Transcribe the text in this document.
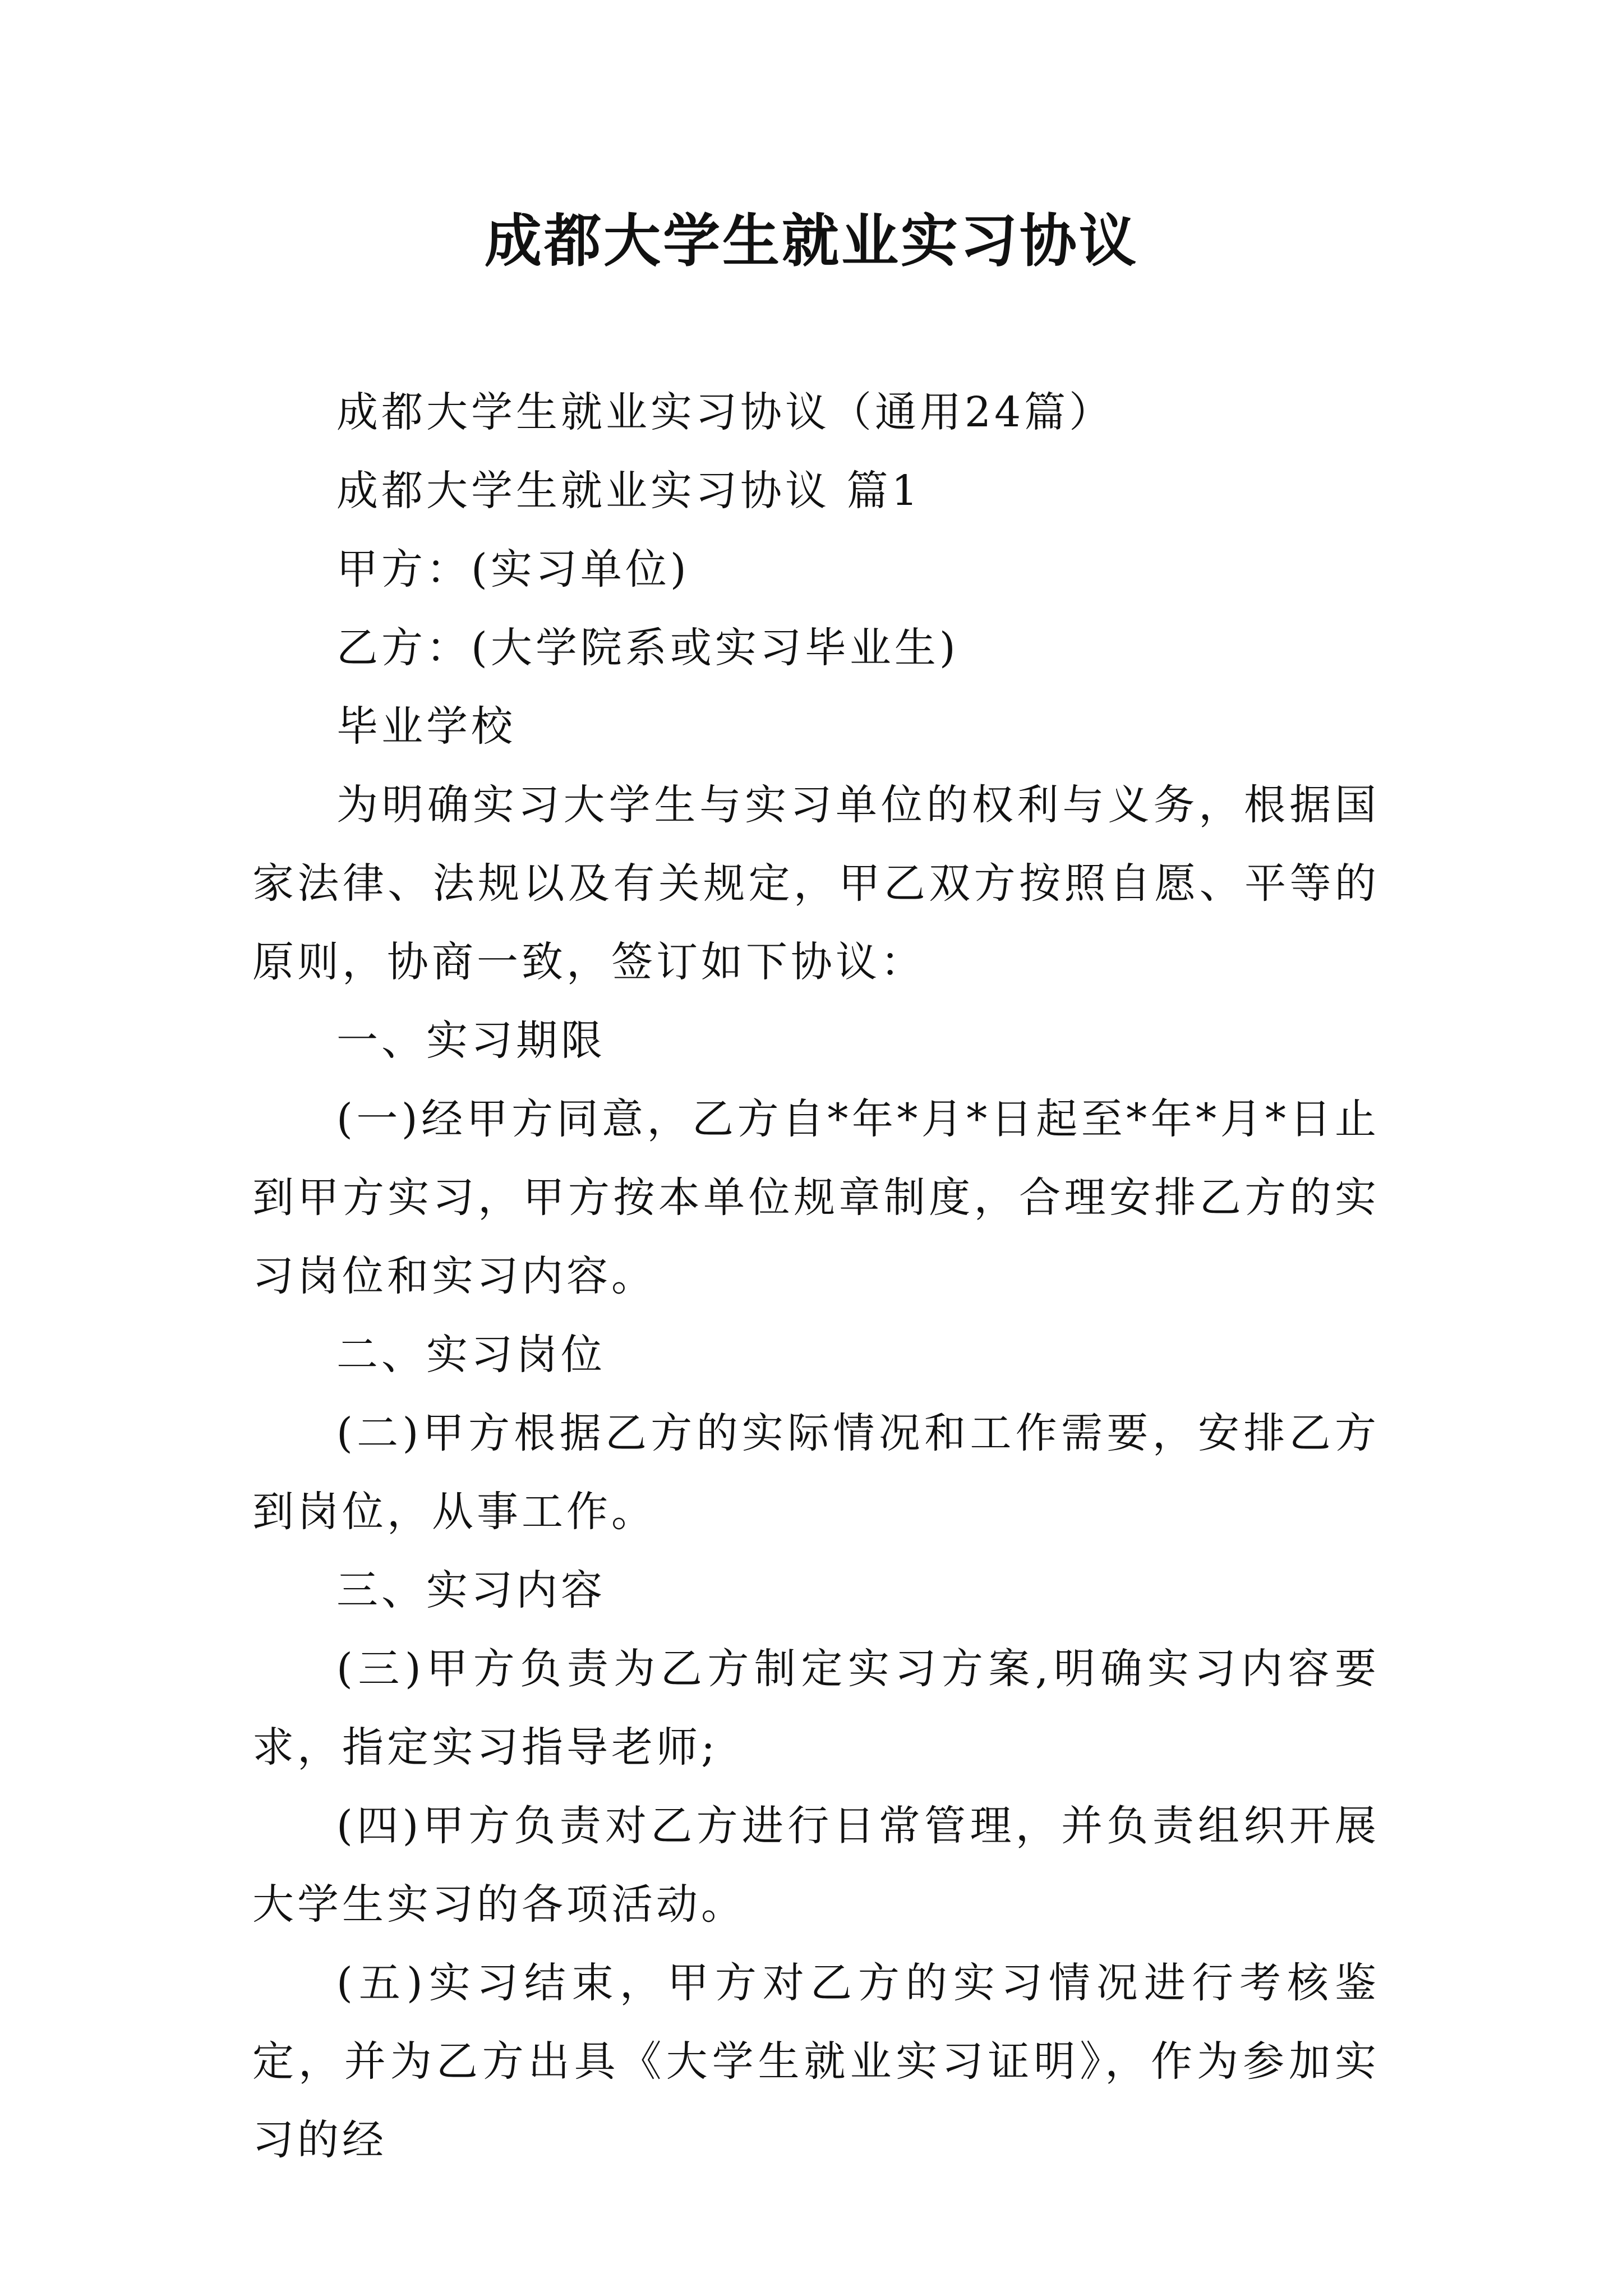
成都大学生就业实习协议

成都大学生就业实习协议（通用24篇）

成都大学生就业实习协议 篇1

甲方：(实习单位)

乙方：(大学院系或实习毕业生)

毕业学校

为明确实习大学生与实习单位的权利与义务，根据国家法律、法规以及有关规定，甲乙双方按照自愿、平等的原则，协商一致，签订如下协议：

一、实习期限

(一)经甲方同意，乙方自*年*月*日起至*年*月*日止到甲方实习，甲方按本单位规章制度，合理安排乙方的实习岗位和实习内容。

二、实习岗位

(二)甲方根据乙方的实际情况和工作需要，安排乙方到岗位，从事工作。

三、实习内容

(三)甲方负责为乙方制定实习方案,明确实习内容要求，指定实习指导老师;

(四)甲方负责对乙方进行日常管理，并负责组织开展大学生实习的各项活动。

(五)实习结束，甲方对乙方的实习情况进行考核鉴定，并为乙方出具《大学生就业实习证明》，作为参加实习的经
